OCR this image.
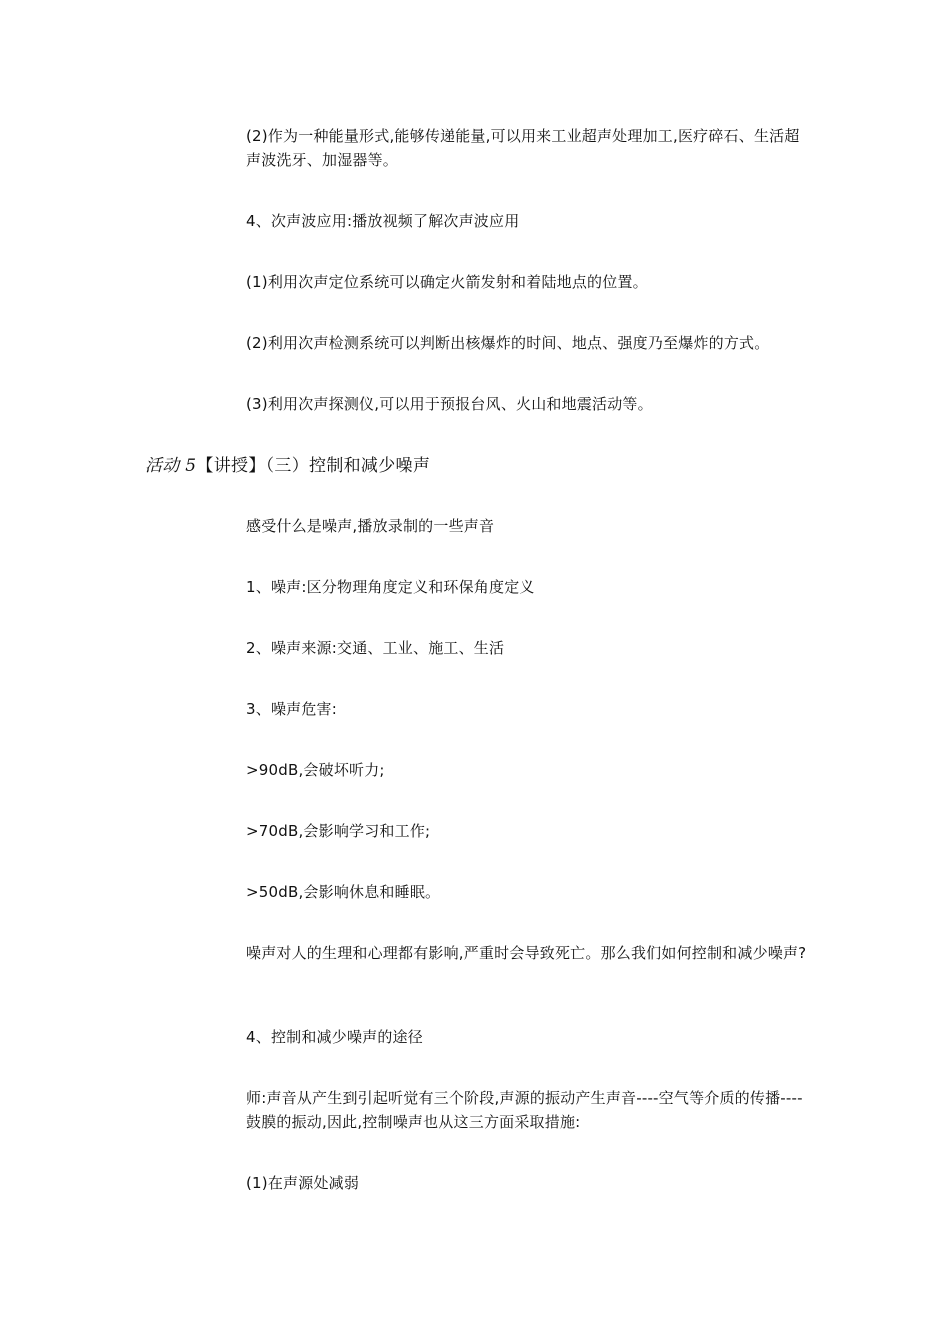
(2)作为一种能量形式,能够传递能量,可以用来工业超声处理加工,医疗碎石、生活超声波洗牙、加湿器等。
4、次声波应用:播放视频了解次声波应用
(1)利用次声定位系统可以确定火箭发射和着陆地点的位置。
(2)利用次声检测系统可以判断出核爆炸的时间、地点、强度乃至爆炸的方式。
(3)利用次声探测仪,可以用于预报台风、火山和地震活动等。
活动 5【讲授】（三）控制和减少噪声
感受什么是噪声,播放录制的一些声音
1、噪声:区分物理角度定义和环保角度定义
2、噪声来源:交通、工业、施工、生活
3、噪声危害:
>90dB,会破坏听力;
>70dB,会影响学习和工作;
>50dB,会影响休息和睡眠。
噪声对人的生理和心理都有影响,严重时会导致死亡。那么我们如何控制和减少噪声?
4、控制和减少噪声的途径
师:声音从产生到引起听觉有三个阶段,声源的振动产生声音----空气等介质的传播----鼓膜的振动,因此,控制噪声也从这三方面采取措施:
(1)在声源处减弱
